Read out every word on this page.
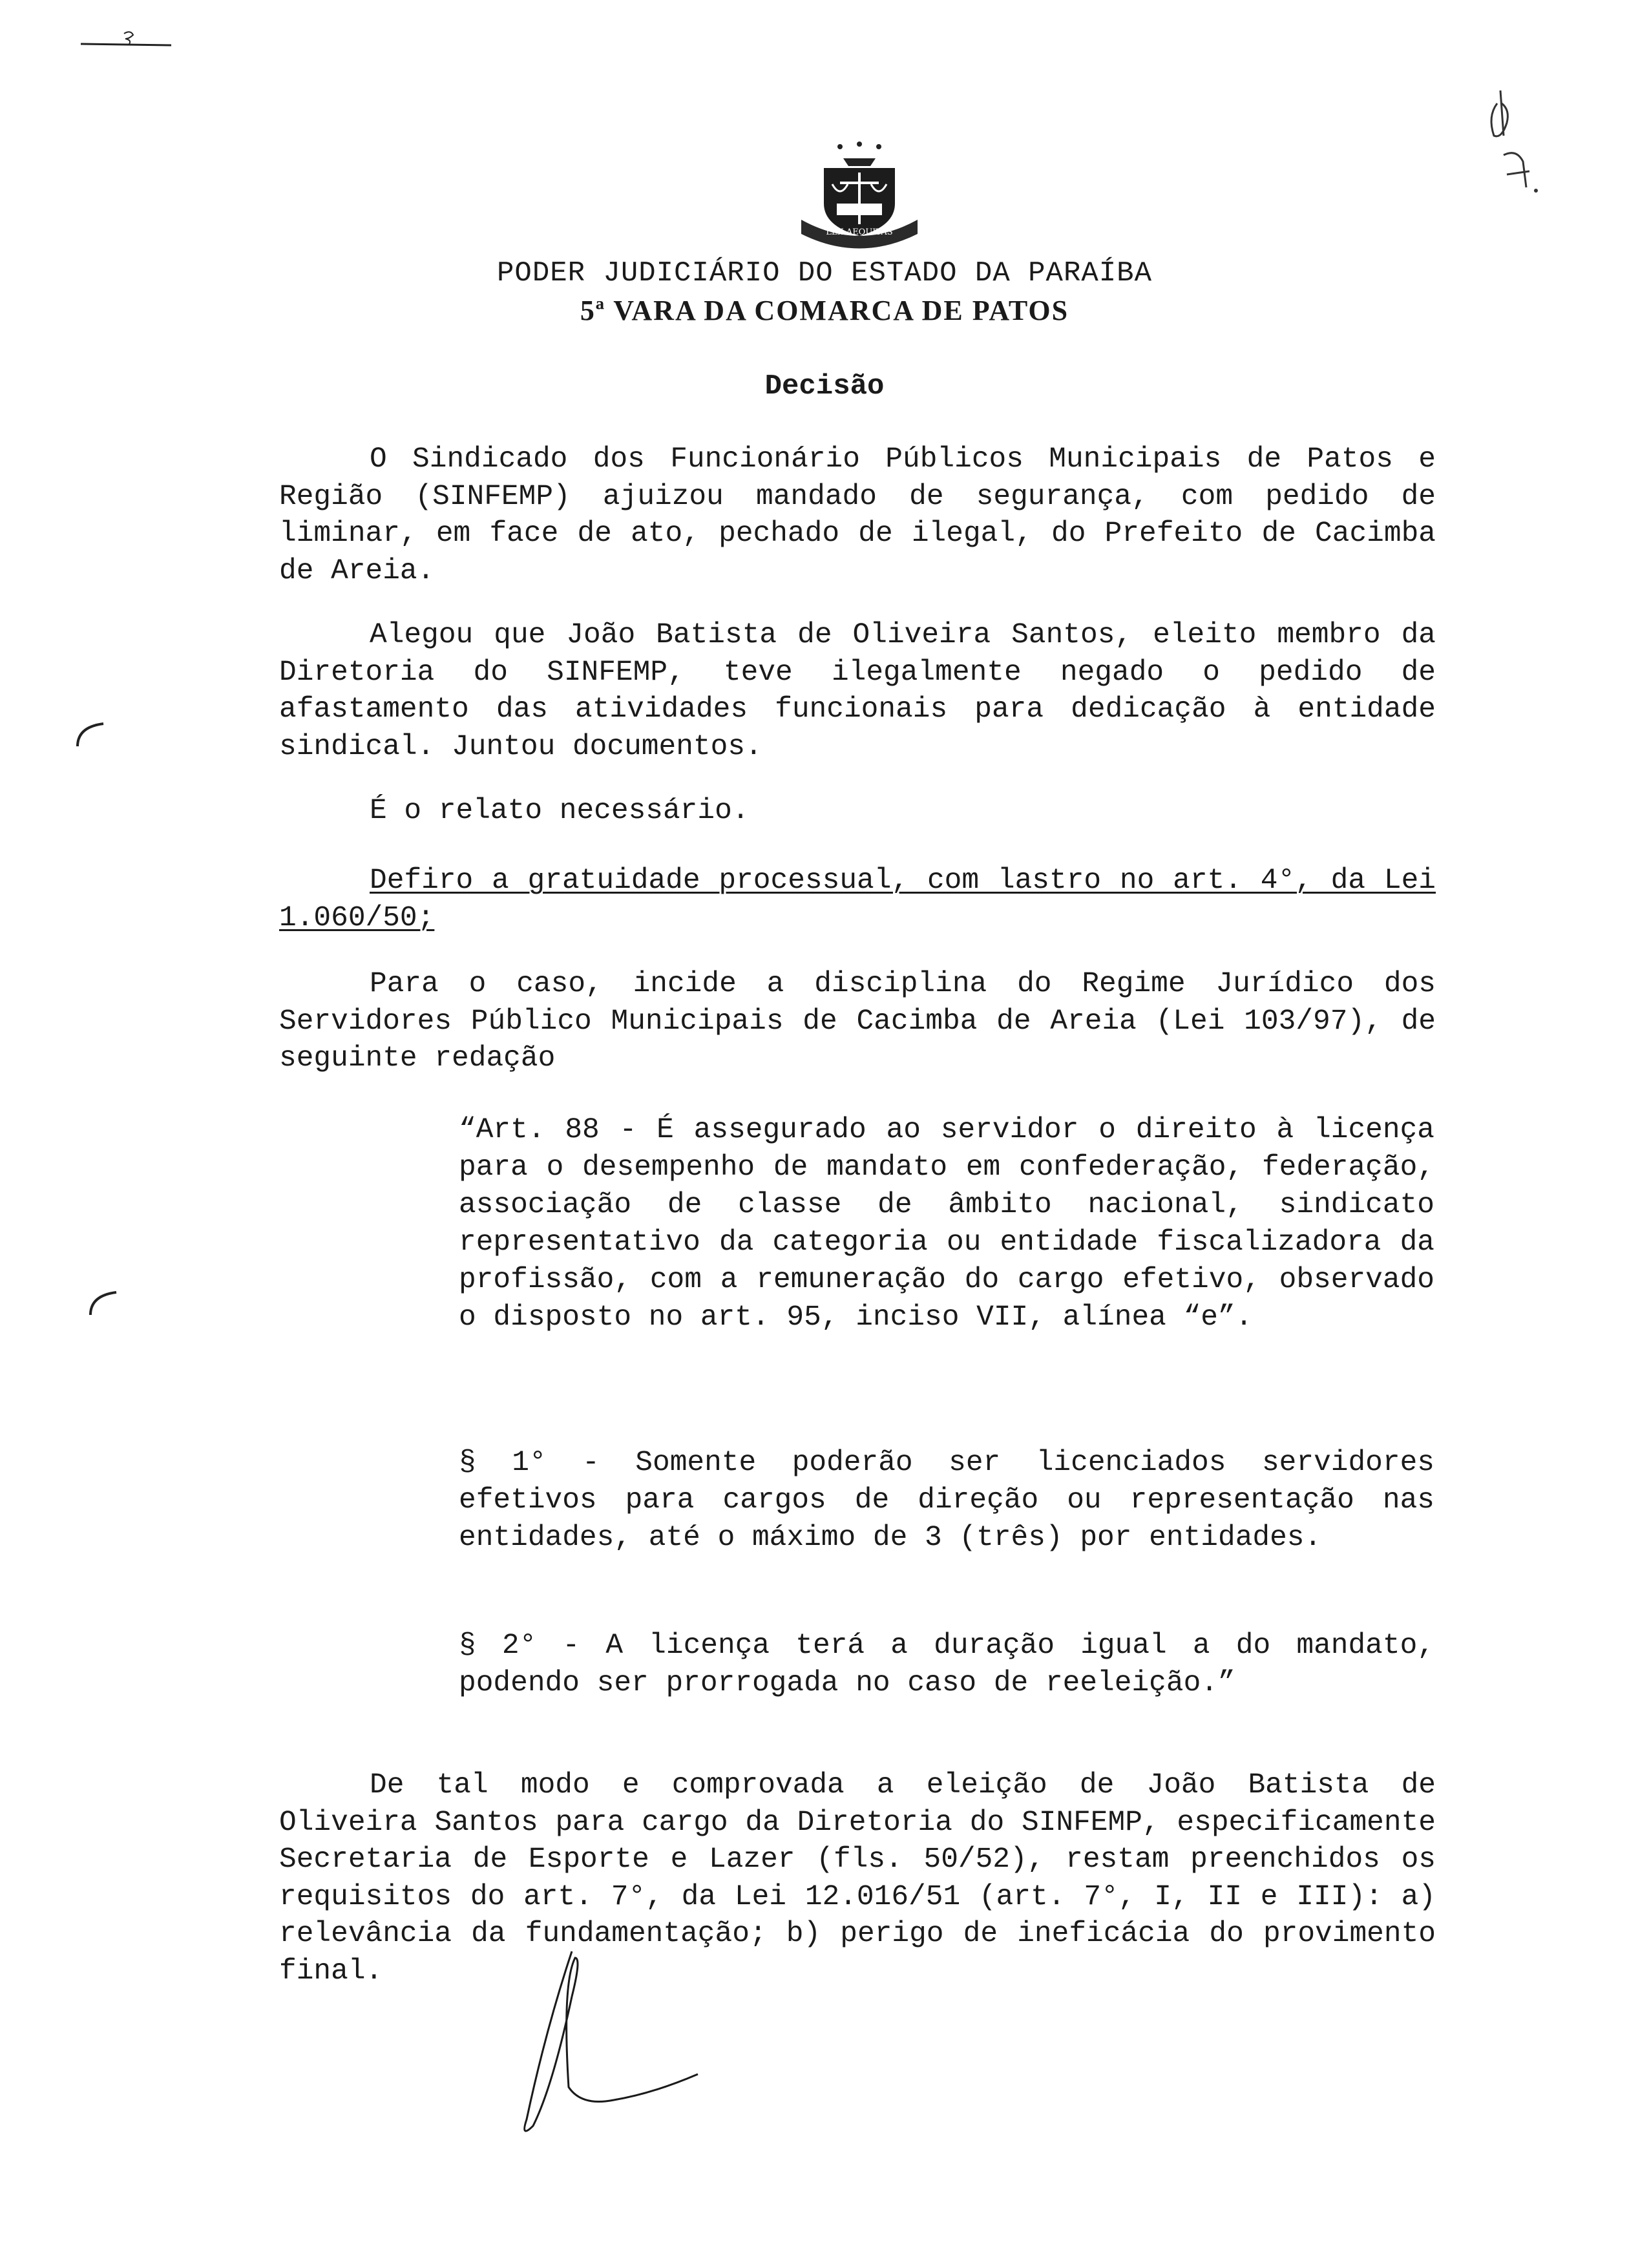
LEX AEQUITAS
PODER JUDICIÁRIO DO ESTADO DA PARAÍBA
5ª VARA DA COMARCA DE PATOS
Decisão

O Sindicado dos Funcionário Públicos Municipais de Patos e Região (SINFEMP) ajuizou mandado de segurança, com pedido de liminar, em face de ato, pechado de ilegal, do Prefeito de Cacimba de Areia.

Alegou que João Batista de Oliveira Santos, eleito membro da Diretoria do SINFEMP, teve ilegalmente negado o pedido de afastamento das atividades funcionais para dedicação à entidade sindical. Juntou documentos.

É o relato necessário.

Defiro a gratuidade processual, com lastro no art. 4°, da Lei 1.060/50;

Para o caso, incide a disciplina do Regime Jurídico dos Servidores Público Municipais de Cacimba de Areia (Lei 103/97), de seguinte redação

“Art. 88 - É assegurado ao servidor o direito à licença para o desempenho de mandato em confederação, federação, associação de classe de âmbito nacional, sindicato representativo da categoria ou entidade fiscalizadora da profissão, com a remuneração do cargo efetivo, observado o disposto no art. 95, inciso VII, alínea “e”.

§ 1° - Somente poderão ser licenciados servidores efetivos para cargos de direção ou representação nas entidades, até o máximo de 3 (três) por entidades.

§ 2° - A licença terá a duração igual a do mandato, podendo ser prorrogada no caso de reeleição.”

De tal modo e comprovada a eleição de João Batista de Oliveira Santos para cargo da Diretoria do SINFEMP, especificamente Secretaria de Esporte e Lazer (fls. 50/52), restam preenchidos os requisitos do art. 7°, da Lei 12.016/51 (art. 7°, I, II e III): a) relevância da fundamentação; b) perigo de ineficácia do provimento final.
